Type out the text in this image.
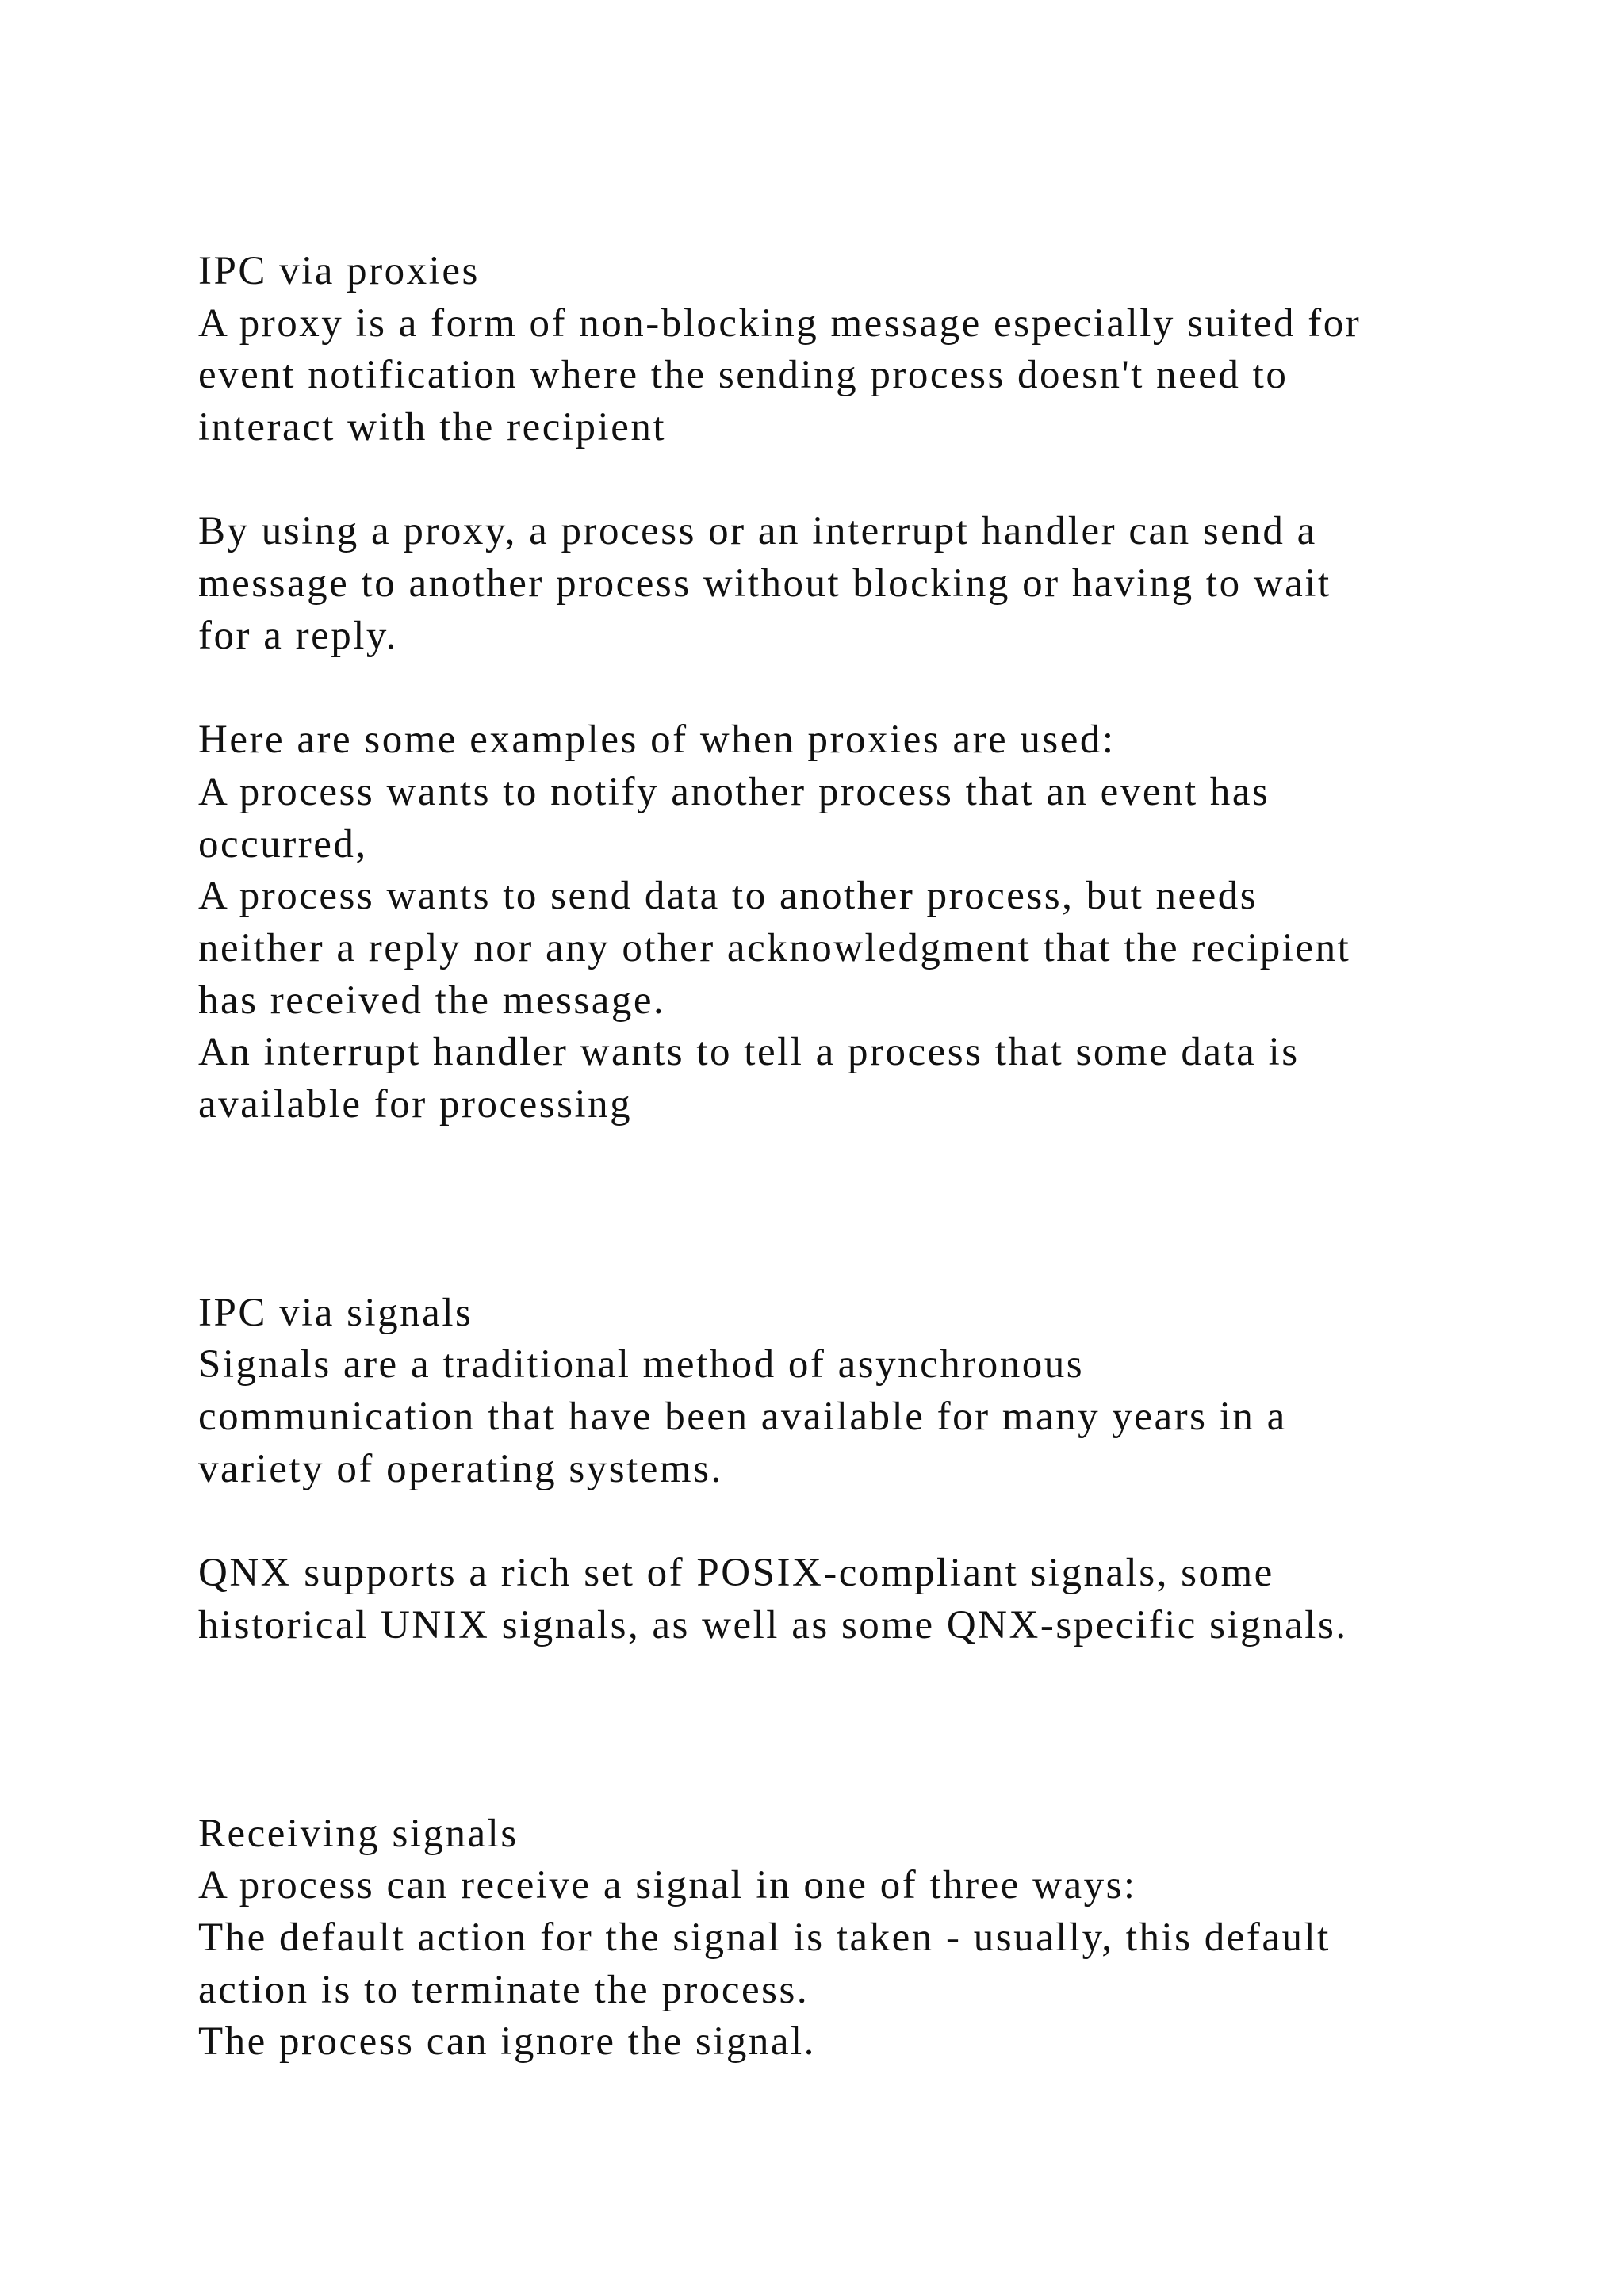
IPC via proxies
A proxy is a form of non-blocking message especially suited for
event notification where the sending process doesn't need to
interact with the recipient
By using a proxy, a process or an interrupt handler can send a
message to another process without blocking or having to wait
for a reply.
Here are some examples of when proxies are used:
A process wants to notify another process that an event has
occurred,
A process wants to send data to another process, but needs
neither a reply nor any other acknowledgment that the recipient
has received the message.
An interrupt handler wants to tell a process that some data is
available for processing
IPC via signals
Signals are a traditional method of asynchronous
communication that have been available for many years in a
variety of operating systems.
QNX supports a rich set of POSIX-compliant signals, some
historical UNIX signals, as well as some QNX-specific signals.
Receiving signals
A process can receive a signal in one of three ways:
The default action for the signal is taken - usually, this default
action is to terminate the process.
The process can ignore the signal.
